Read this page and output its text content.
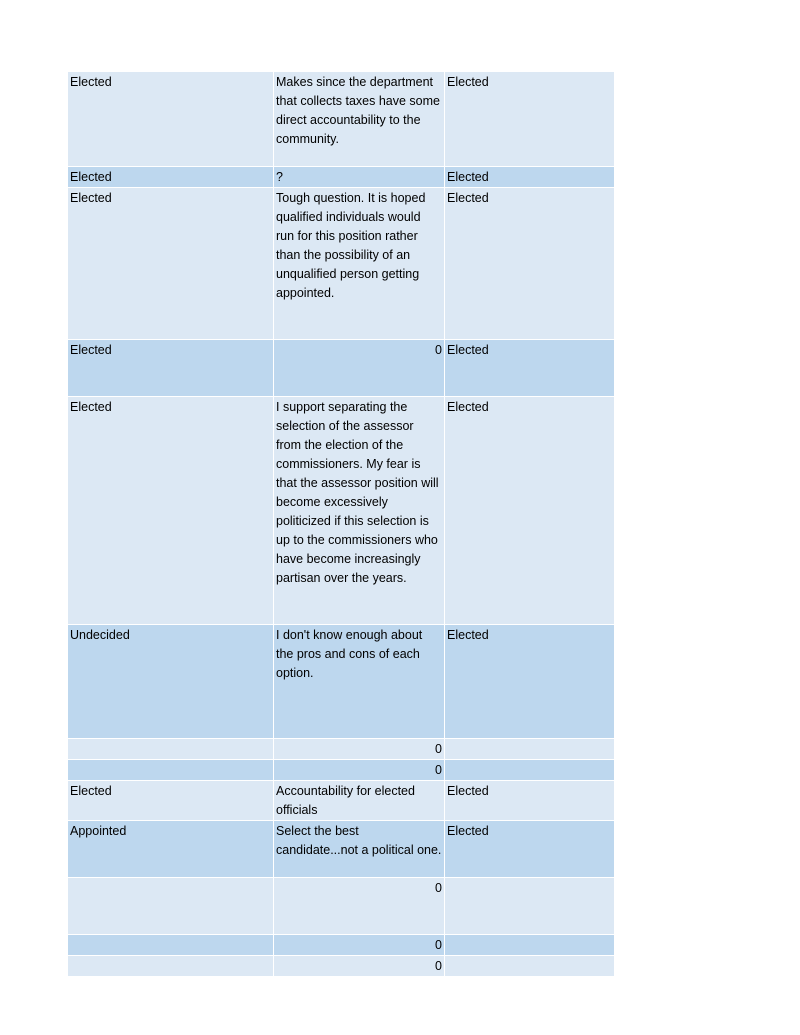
Elected	Makes since the department that collects taxes have some direct accountability to the community.	Elected
Elected	?	Elected
Elected	Tough question. It is hoped qualified individuals would run for this position rather than the possibility of an unqualified person getting appointed.	Elected
Elected	0	Elected
Elected	I support separating the selection of the assessor from the election of the commissioners. My fear is that the assessor position will become excessively politicized if this selection is up to the commissioners who have become increasingly partisan over the years.	Elected
Undecided	I don't know enough about the pros and cons of each option.	Elected
	0	
	0	
Elected	Accountability for elected officials	Elected
Appointed	Select the best candidate...not a political one.	Elected
	0	
	0	
	0	
